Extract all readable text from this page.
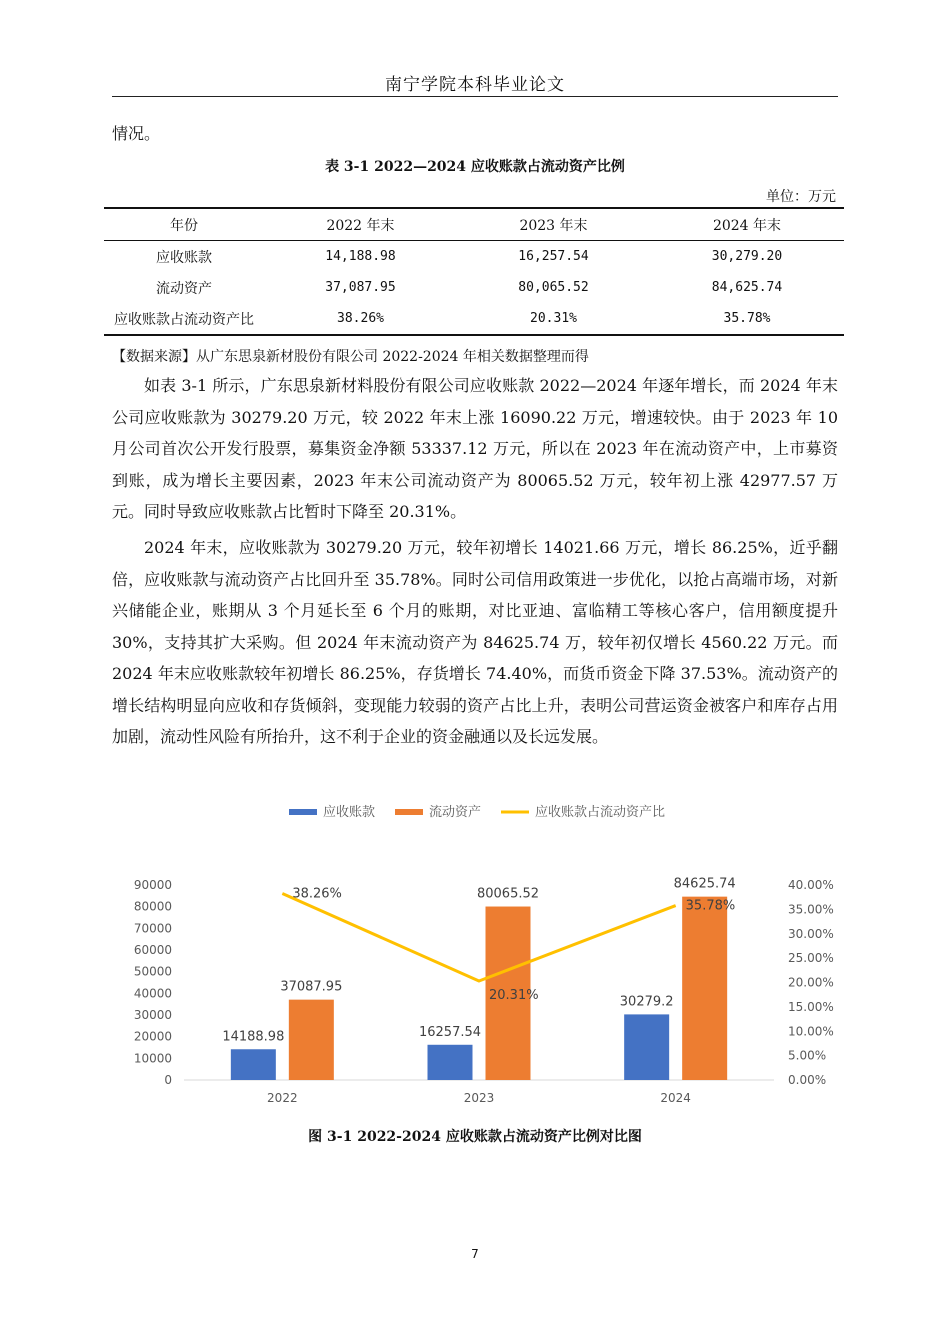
南宁学院本科毕业论文
情况。
表 3-1 2022—2024 应收账款占流动资产比例
单位：万元
年份	2022 年末	2023 年末	2024 年末
应收账款	14,188.98	16,257.54	30,279.20
流动资产	37,087.95	80,065.52	84,625.74
应收账款占流动资产比	38.26%	20.31%	35.78%
【数据来源】从广东思泉新材股份有限公司 2022-2024 年相关数据整理而得

如表 3-1 所示，广东思泉新材料股份有限公司应收账款 2022—2024 年逐年增长，而 2024 年末公司应收账款为 30279.20 万元，较 2022 年末上涨 16090.22 万元，增速较快。由于 2023 年 10 月公司首次公开发行股票，募集资金净额 53337.12 万元，所以在 2023 年在流动资产中，上市募资到账，成为增长主要因素，2023 年末公司流动资产为 80065.52 万元，较年初上涨 42977.57 万元。同时导致应收账款占比暂时下降至 20.31%。

2024 年末，应收账款为 30279.20 万元，较年初增长 14021.66 万元，增长 86.25%，近乎翻倍，应收账款与流动资产占比回升至 35.78%。同时公司信用政策进一步优化，以抢占高端市场，对新兴储能企业，账期从 3 个月延长至 6 个月的账期，对比亚迪、富临精工等核心客户，信用额度提升 30%，支持其扩大采购。但 2024 年末流动资产为 84625.74 万，较年初仅增长 4560.22 万元。而 2024 年末应收账款较年初增长 86.25%，存货增长 74.40%，而货币资金下降 37.53%。流动资产的增长结构明显向应收和存货倾斜，变现能力较弱的资产占比上升，表明公司营运资金被客户和库存占用加剧，流动性风险有所抬升，这不利于企业的资金融通以及长远发展。

0
10000
20000
30000
40000
50000
60000
70000
80000
90000
0.00%
5.00%
10.00%
15.00%
20.00%
25.00%
30.00%
35.00%
40.00%
2022	2023	2024
14188.98	16257.54
30279.2
37087.95
80065.52
84625.74
38.26%
20.31%
35.78%
应收账款	流动资产	应收账款占流动资产比
图 3-1 2022-2024 应收账款占流动资产比例对比图
7
